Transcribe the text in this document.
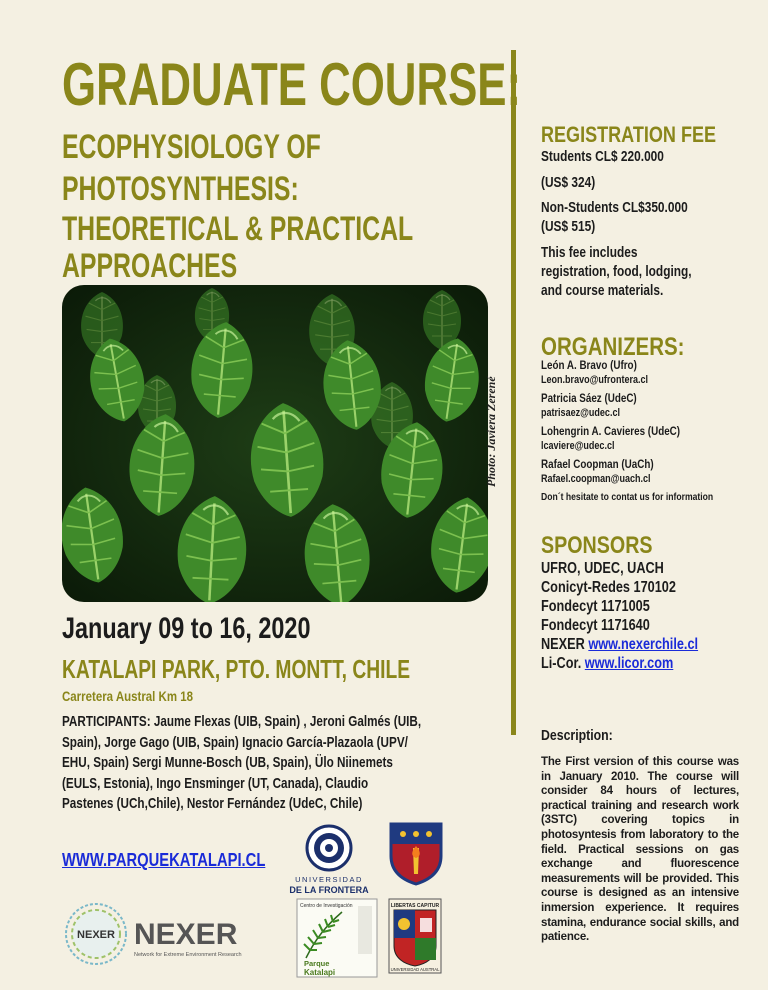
GRADUATE COURSE:
ECOPHYSIOLOGY OF
PHOTOSYNTHESIS:
THEORETICAL & PRACTICAL
APPROACHES
Photo: Javiera Zerené
January 09 to 16, 2020
KATALAPI PARK, PTO. MONTT, CHILE
Carretera Austral Km 18
PARTICIPANTS: Jaume Flexas (UIB, Spain) , Jeroni Galmés (UIB,
Spain), Jorge Gago (UIB, Spain) Ignacio García-Plazaola (UPV/
EHU, Spain) Sergi Munne-Bosch (UB, Spain), Ülo Niinemets
(EULS, Estonia), Ingo Ensminger (UT, Canada), Claudio
Pastenes (UCh,Chile), Nestor Fernández (UdeC, Chile)
WWW.PARQUEKATALAPI.CL
REGISTRATION FEE
Students CL$ 220.000
(US$ 324)
Non-Students CL$350.000
(US$ 515)
This fee includes
registration, food, lodging,
and course materials.
ORGANIZERS:
León A. Bravo (Ufro)
Leon.bravo@ufrontera.cl
Patricia Sáez (UdeC)
patrisaez@udec.cl
Lohengrin A. Cavieres (UdeC)
lcaviere@udec.cl
Rafael Coopman (UaCh)
Rafael.coopman@uach.cl
Don´t hesitate to contat us for information
SPONSORS
UFRO, UDEC, UACH
Conicyt-Redes 170102
Fondecyt 1171005
Fondecyt 1171640
NEXER www.nexerchile.cl
Li-Cor. www.licor.com
Description:
The First version of this course was in January 2010. The course will consider 84 hours of lectures, practical training and research work (3STC) covering topics in photosyntesis from laboratory to the field. Practical sessions on gas exchange and fluorescence measurements will be provided. This course is designed as an intensive inmersion experience. It requires stamina, endurance social skills, and patience.
NEXER NEXER
Network for Extreme Environment Research
UNIVERSIDAD
DE LA FRONTERA
Centro de Investigación
Parque
Katalapi
LIBERTAS CAPITUR
UNIVERSIDAD AUSTRAL
